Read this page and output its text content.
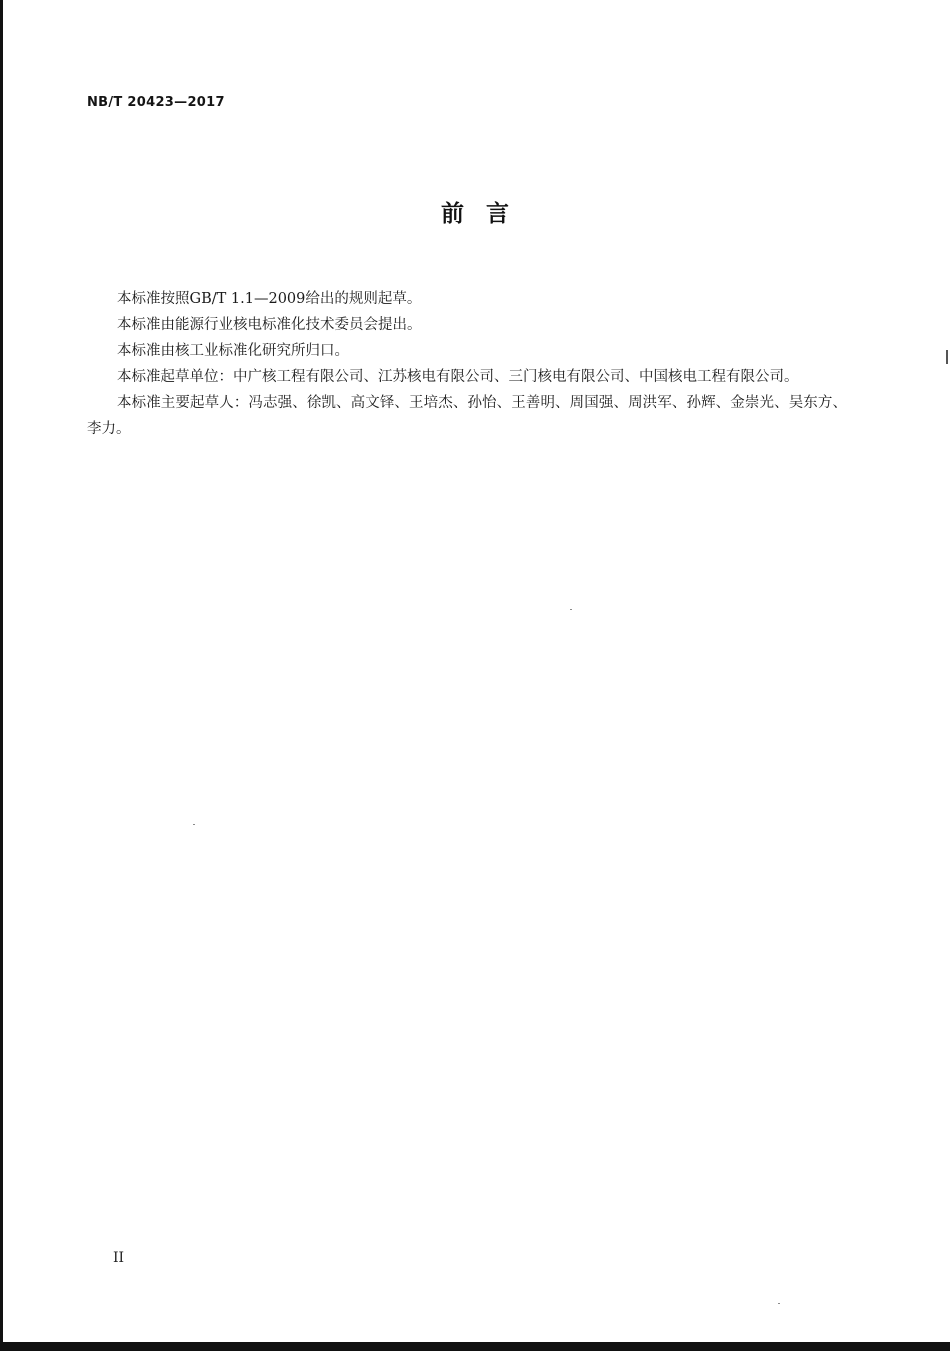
NB/T 20423—2017
前言

本标准按照GB/T 1.1—2009给出的规则起草。

本标准由能源行业核电标准化技术委员会提出。

本标准由核工业标准化研究所归口。

本标准起草单位：中广核工程有限公司、江苏核电有限公司、三门核电有限公司、中国核电工程有限公司。

本标准主要起草人：冯志强、徐凯、高文铎、王培杰、孙怡、王善明、周国强、周洪军、孙辉、金崇光、吴东方、李力。

II
